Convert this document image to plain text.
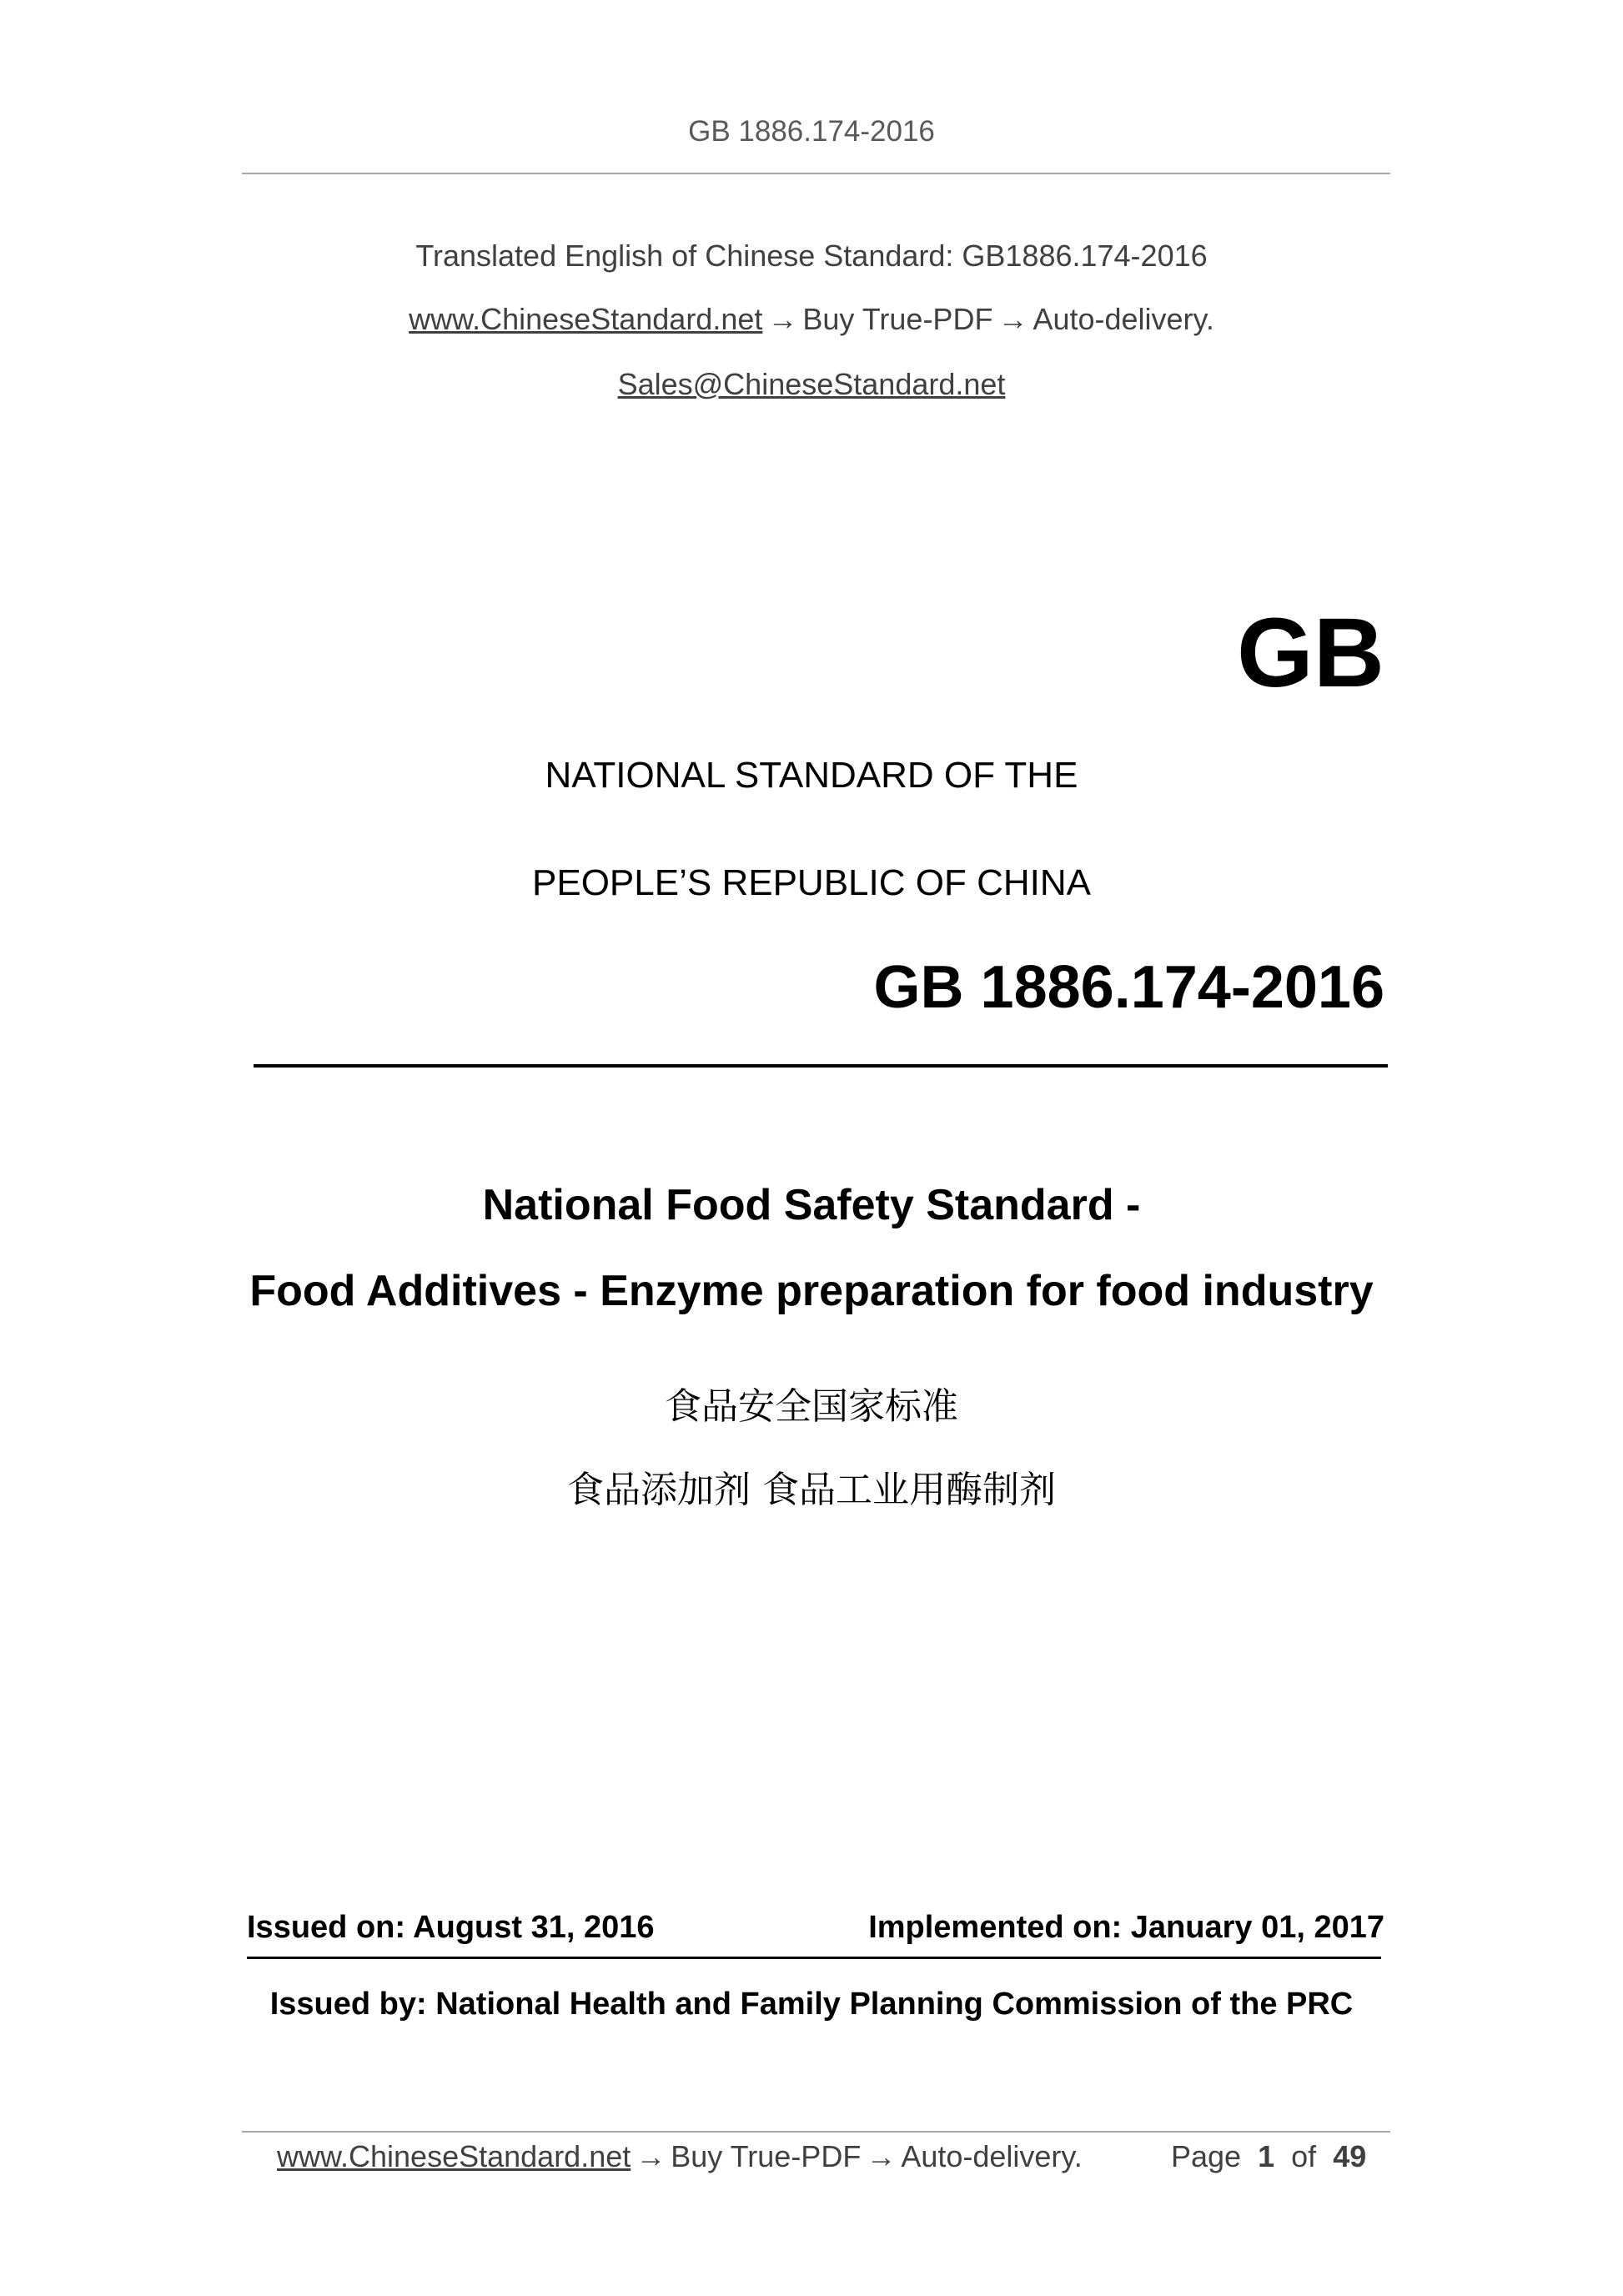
GB 1886.174-2016
Translated English of Chinese Standard: GB1886.174-2016
www.ChineseStandard.net → Buy True-PDF → Auto-delivery.
Sales@ChineseStandard.net
GB
NATIONAL STANDARD OF THE
PEOPLE’S REPUBLIC OF CHINA
GB 1886.174-2016
National Food Safety Standard -
Food Additives - Enzyme preparation for food industry
食品安全国家标准
食品添加剂 食品工业用酶制剂
Issued on: August 31, 2016	Implemented on: January 01, 2017
Issued by: National Health and Family Planning Commission of the PRC
www.ChineseStandard.net → Buy True-PDF → Auto-delivery.	Page 1 of 49
